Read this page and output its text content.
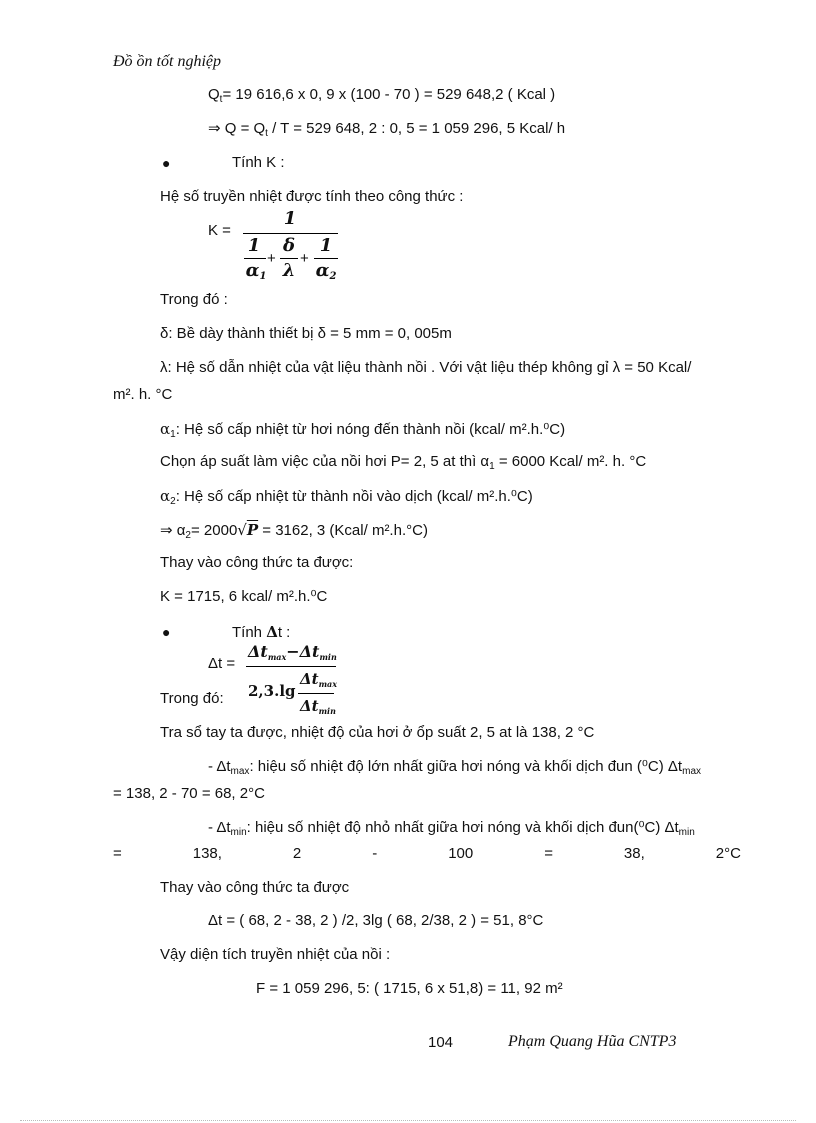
Đồ ồn tốt nghiệp
$Q_t= 19$ 616,6 x 0, 9 x (100 - 70 ) = 529 648,2 ( Kcal )
⇒ $Q = Q_t / T = 529$ 648, 2 : 0, 5 = 1 059 296, 5 Kcal/ h
●	Tính K :
Hệ số truyền nhiệt được tính theo công thức :
K =
1
1
$\alpha_1$
+
δ
λ
+
1
$\alpha_2$
Trong đó :
δ: Bề dày thành thiết bị δ = 5 mm = 0, 005m
λ: Hệ số dẫn nhiệt của vật liệu thành nồi . Với vật liệu thép không gỉ λ = 50 Kcal/
m². h. °C
$\alpha_1$: Hệ số cấp nhiệt từ hơi nóng đến thành nồi (kcal/ m².h.⁰C)
Chọn áp suất làm việc của nồi hơi P= 2, 5 at thì $\alpha_1 = 6000$ Kcal/ m². h. °C
$\alpha_2$: Hệ số cấp nhiệt từ thành nồi vào dịch (kcal/ m².h.⁰C)
⇒ $\alpha_2= 2000√P = 3162$, 3 (Kcal/ m².h.°C)
Thay vào công thức ta được:
K = 1715, 6 kcal/ m².h.⁰C
●	Tính Δt :
Δt =
$\Delta t_{max}-\Delta t_{min}$
Trong đó: 2,3.lg
$\Delta t_{max}$
$\Delta t_{min}$
Tra sổ tay ta được, nhiệt độ của hơi ở ổp suất 2, 5 at là 138, 2 °C
- $\Delta t_{max}$: hiệu số nhiệt độ lớn nhất giữa hơi nóng và khối dịch đun (⁰C) $\Delta t_{max}$
= 138, 2 - 70 = 68, 2°C
- $\Delta t_{min}$: hiệu số nhiệt độ nhỏ nhất giữa hơi nóng và khối dịch đun(⁰C) $\Delta t_{min}$
=	138,	2	-	100	=	38,	2°C
Thay vào công thức ta được
Δt = ( 68, 2 - 38, 2 ) /2, 3lg ( 68, 2/38, 2 ) = 51, 8°C
Vậy diện tích truyền nhiệt của nồi :
F = 1 059 296, 5: ( 1715, 6 x 51,8) = 11, 92 m²
104	Phạm Quang Hũa CNTP3
